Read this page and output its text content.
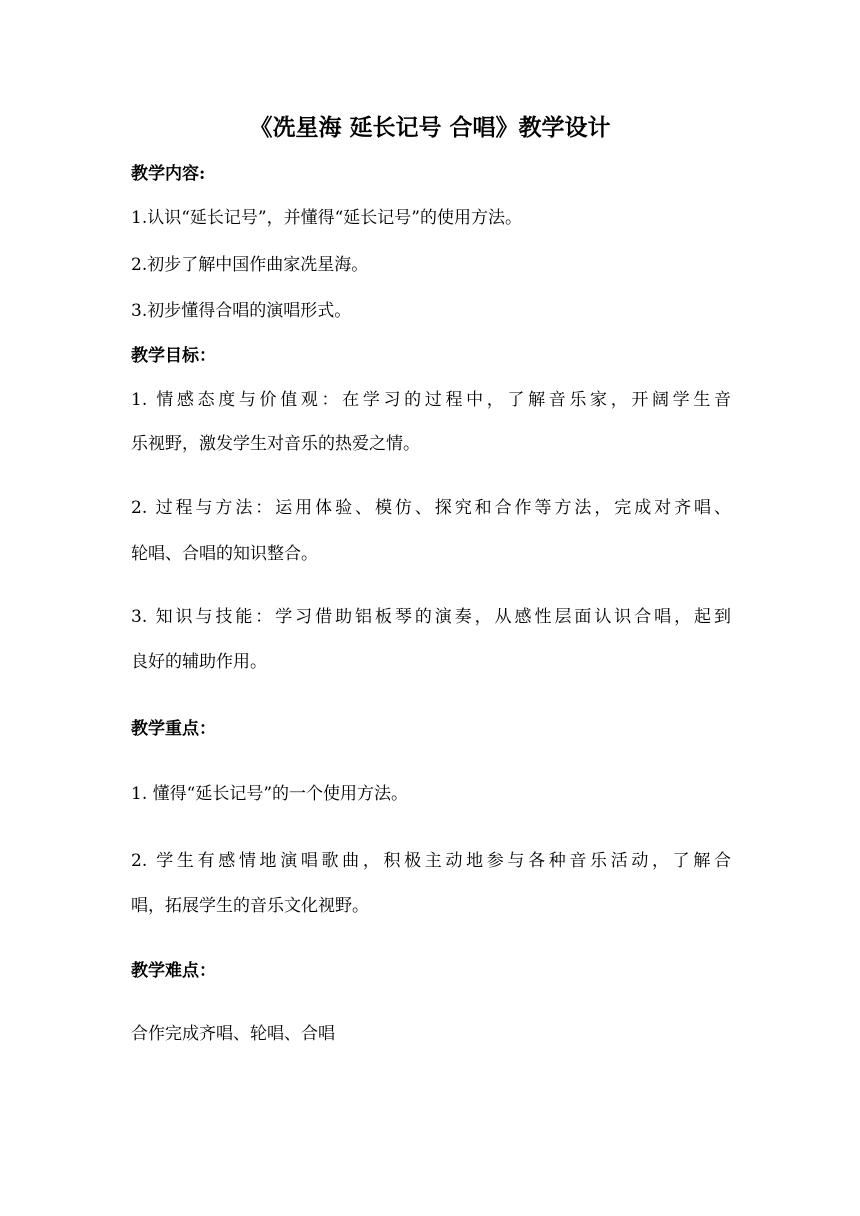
《冼星海 延长记号 合唱》教学设计

教学内容:

1.认识“延长记号”，并懂得“延长记号”的使用方法。

2.初步了解中国作曲家冼星海。

3.初步懂得合唱的演唱形式。

教学目标：

1. 情感态度与价值观：在学习的过程中，了解音乐家，开阔学生音

乐视野，激发学生对音乐的热爱之情。

2. 过程与方法：运用体验、模仿、探究和合作等方法，完成对齐唱、

轮唱、合唱的知识整合。

3. 知识与技能：学习借助铝板琴的演奏，从感性层面认识合唱，起到

良好的辅助作用。

教学重点：

1. 懂得“延长记号”的一个使用方法。

2. 学生有感情地演唱歌曲，积极主动地参与各种音乐活动，了解合

唱，拓展学生的音乐文化视野。

教学难点：

合作完成齐唱、轮唱、合唱
